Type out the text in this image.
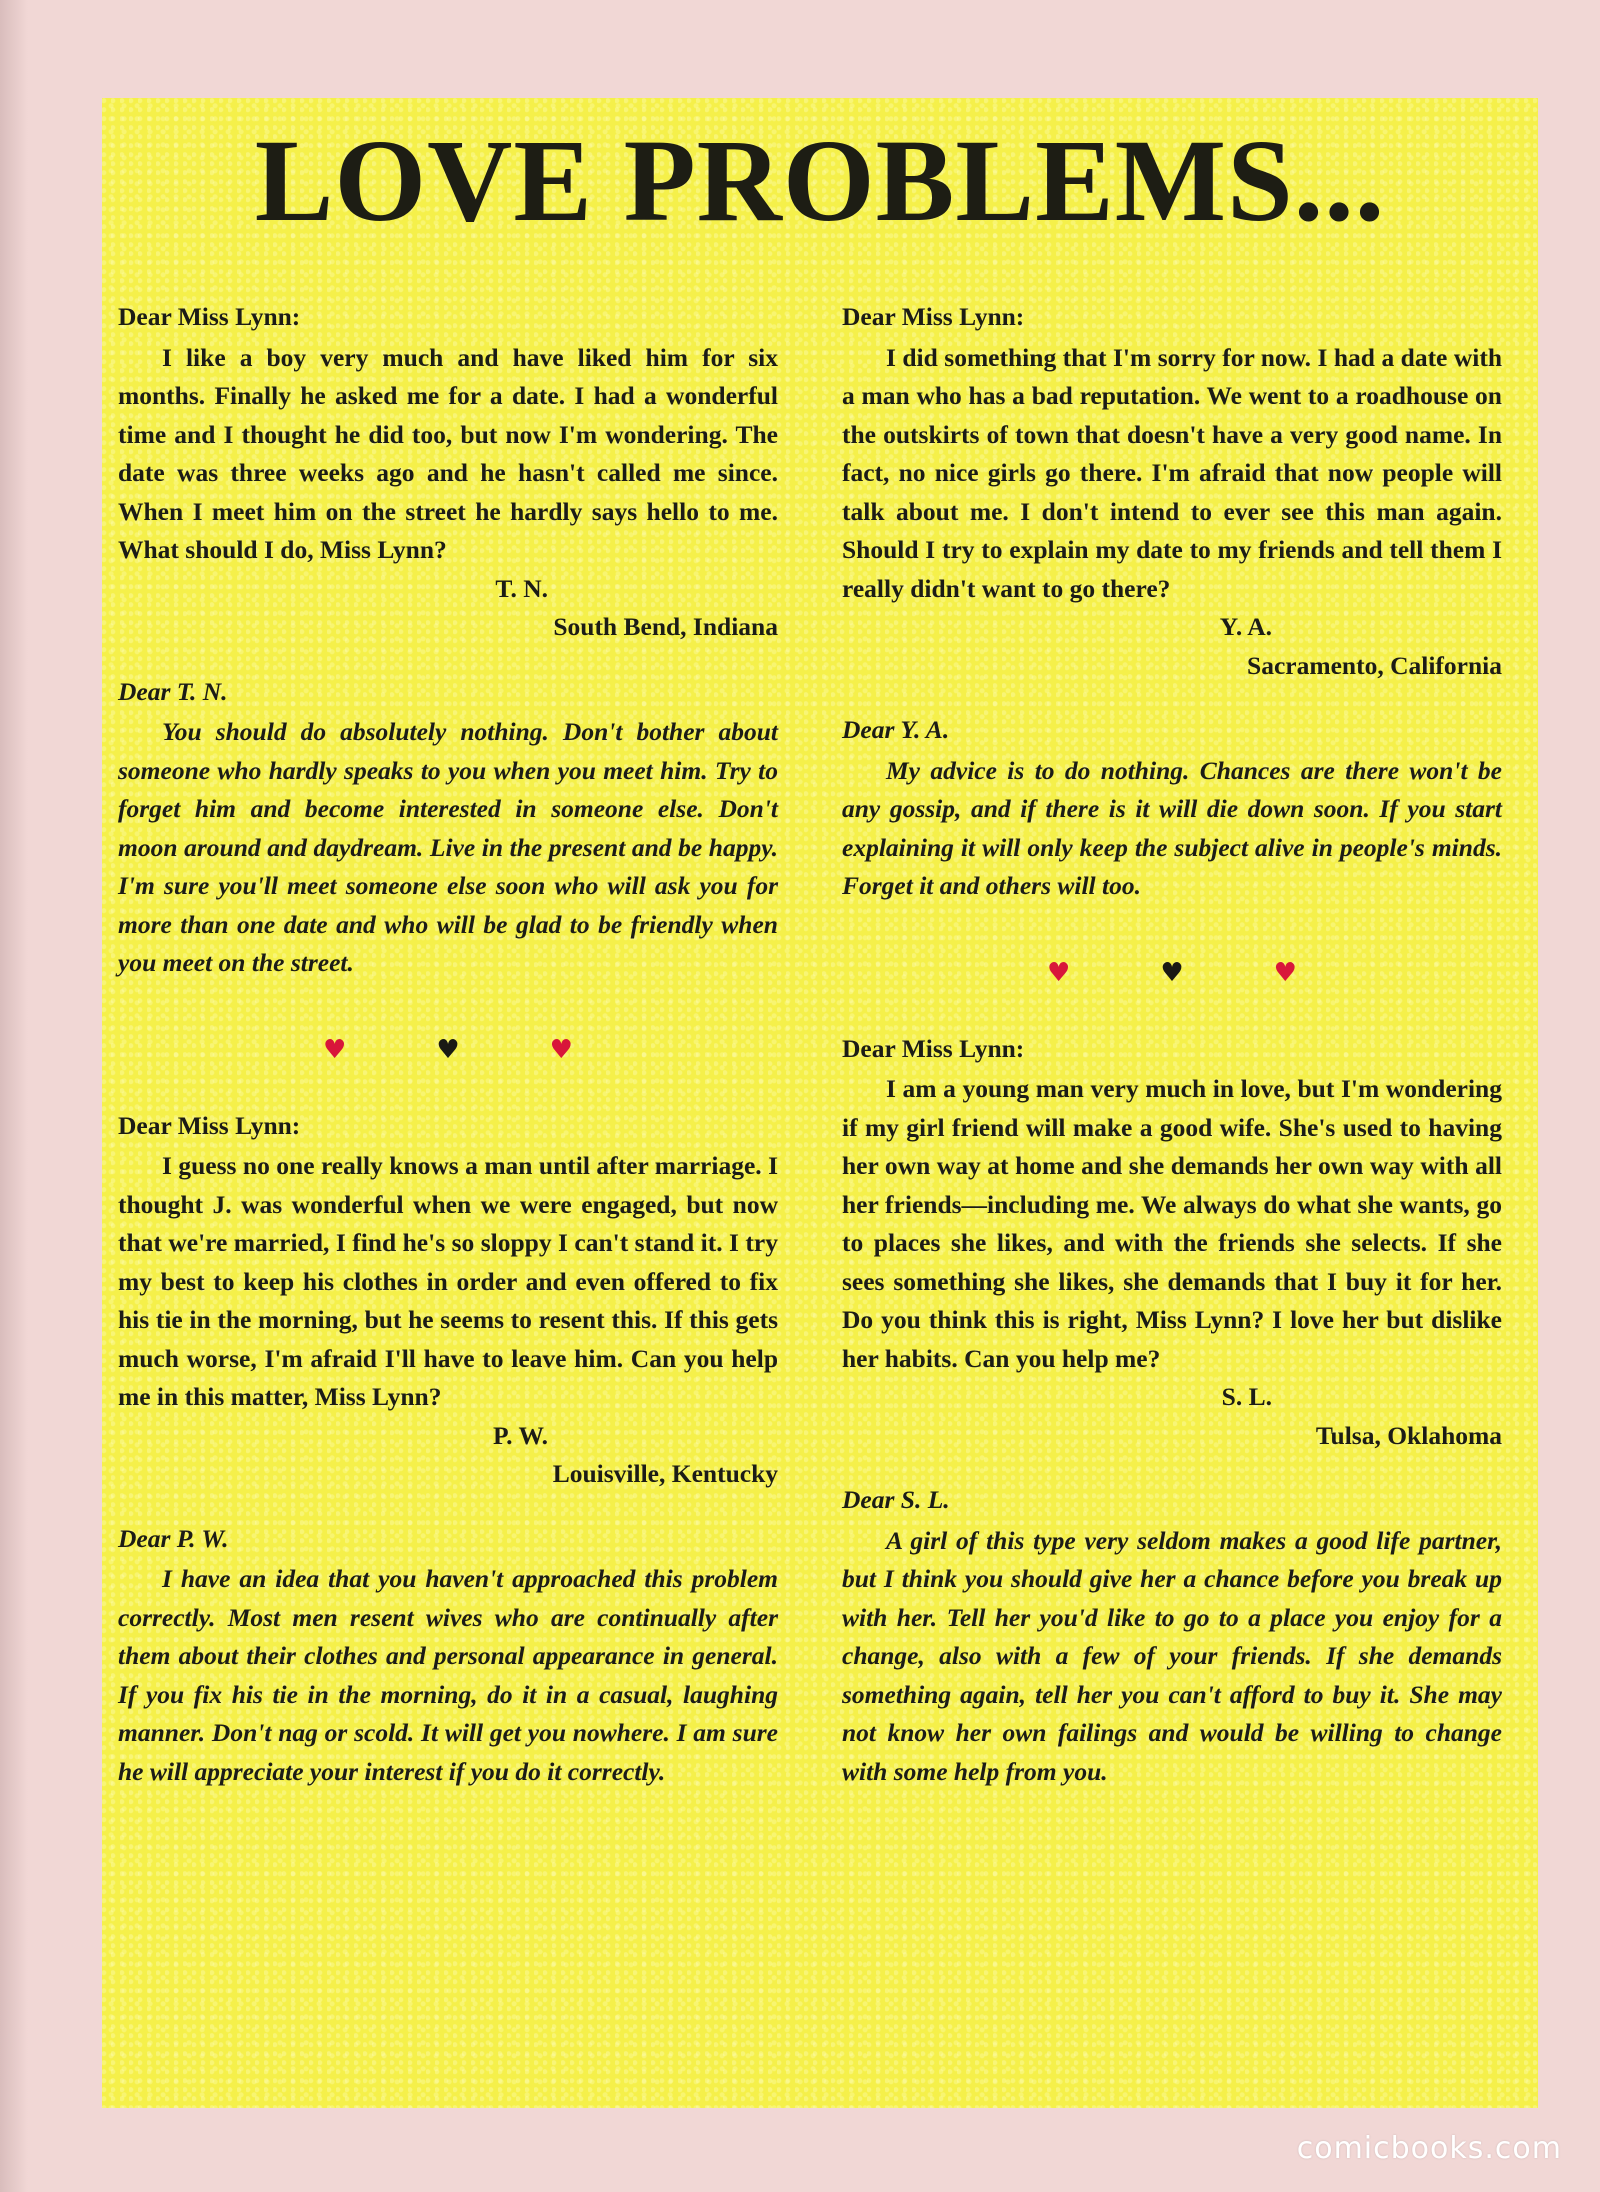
LOVE PROBLEMS...

Dear Miss Lynn:

I like a boy very much and have liked him for six months. Finally he asked me for a date. I had a wonderful time and I thought he did too, but now I'm wondering. The date was three weeks ago and he hasn't called me since. When I meet him on the street he hardly says hello to me. What should I do, Miss Lynn?

T. N.

South Bend, Indiana

Dear T. N.

You should do absolutely nothing. Don't bother about someone who hardly speaks to you when you meet him. Try to forget him and become interested in someone else. Don't moon around and daydream. Live in the present and be happy. I'm sure you'll meet someone else soon who will ask you for more than one date and who will be glad to be friendly when you meet on the street.

♥	♥	♥

Dear Miss Lynn:

I guess no one really knows a man until after marriage. I thought J. was wonderful when we were engaged, but now that we're married, I find he's so sloppy I can't stand it. I try my best to keep his clothes in order and even offered to fix his tie in the morning, but he seems to resent this. If this gets much worse, I'm afraid I'll have to leave him. Can you help me in this matter, Miss Lynn?

P. W.

Louisville, Kentucky

Dear P. W.

I have an idea that you haven't approached this problem correctly. Most men resent wives who are continually after them about their clothes and personal appearance in general. If you fix his tie in the morning, do it in a casual, laughing manner. Don't nag or scold. It will get you nowhere. I am sure he will appreciate your interest if you do it correctly.

Dear Miss Lynn:

I did something that I'm sorry for now. I had a date with a man who has a bad reputation. We went to a roadhouse on the outskirts of town that doesn't have a very good name. In fact, no nice girls go there. I'm afraid that now people will talk about me. I don't intend to ever see this man again. Should I try to explain my date to my friends and tell them I really didn't want to go there?

Y. A.

Sacramento, California

Dear Y. A.

My advice is to do nothing. Chances are there won't be any gossip, and if there is it will die down soon. If you start explaining it will only keep the subject alive in people's minds. Forget it and others will too.

♥	♥	♥

Dear Miss Lynn:

I am a young man very much in love, but I'm wondering if my girl friend will make a good wife. She's used to having her own way at home and she demands her own way with all her friends—including me. We always do what she wants, go to places she likes, and with the friends she selects. If she sees something she likes, she demands that I buy it for her. Do you think this is right, Miss Lynn? I love her but dislike her habits. Can you help me?

S. L.

Tulsa, Oklahoma

Dear S. L.

A girl of this type very seldom makes a good life partner, but I think you should give her a chance before you break up with her. Tell her you'd like to go to a place you enjoy for a change, also with a few of your friends. If she demands something again, tell her you can't afford to buy it. She may not know her own failings and would be willing to change with some help from you.

comicbooks.com
